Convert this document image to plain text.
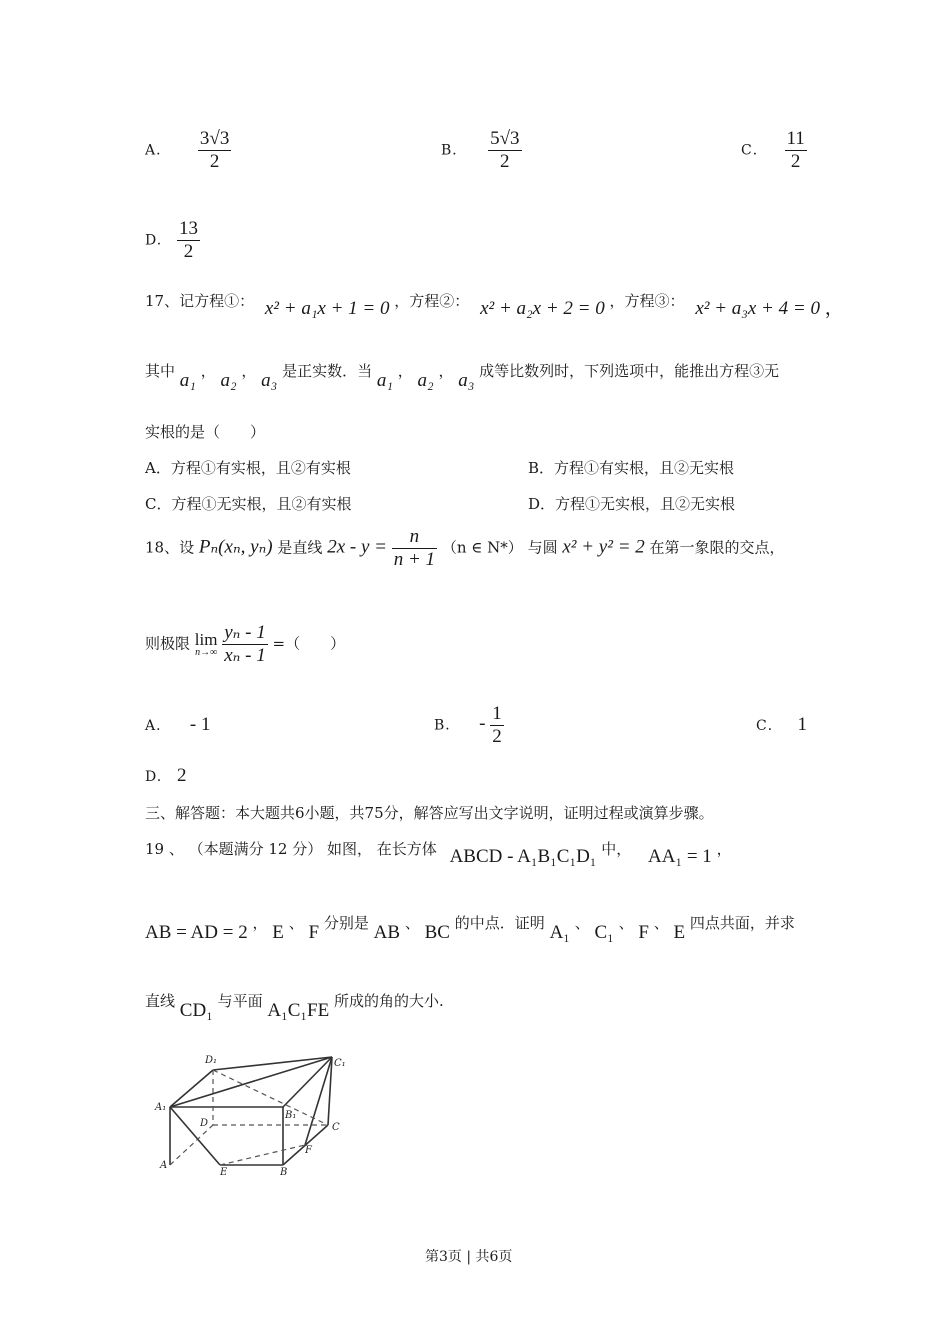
A． $\frac{3√3}{2}$	B． $\frac{5√3}{2}$	C． $\frac{11}{2}$
D. $\frac{13}{2}$
17、记方程①： x² + a₁x + 1 = 0 ，方程②： x² + a₂x + 2 = 0 ，方程③： x² + a₃x + 4 = 0 ，
其中 a₁ ， a₂ ， a₃ 是正实数．当 a₁ ， a₂ ， a₃ 成等比数列时，下列选项中，能推出方程③无
实根的是（　　）
A．方程①有实根，且②有实根	B．方程①有实根，且②无实根
C．方程①无实根，且②有实根	D．方程①无实根，且②无实根
18、设 Pₙ(xₙ, yₙ) 是直线 $2x - y = \frac{n}{n + 1} (n$ ∈ N*） 与圆 x² + y² = 2 在第一象限的交点，
则极限 lim
n→∞
$\frac{\text{yₙ - 1}}{\text{xₙ - 1}}$ =（　　）
A． - 1	B． - $\frac{1}{2}$	C． 1
D. 2
三、解答题：本大题共6小题，共75分，解答应写出文字说明，证明过程或演算步骤。
19 、 （本题满分 12 分） 如图， 在长方体 ABCD - A₁B₁C₁D₁ 中， AA₁ = 1 ，
AB = AD = 2 ， E 、 F 分别是 AB 、 BC 的中点．证明 A₁ 、 C₁ 、 F 、 E 四点共面，并求
直线 CD₁ 与平面 A₁C₁FE 所成的角的大小.
D₁	C₁
A₁
B₁
D	C
A
E	B
F
第3页 | 共6页
